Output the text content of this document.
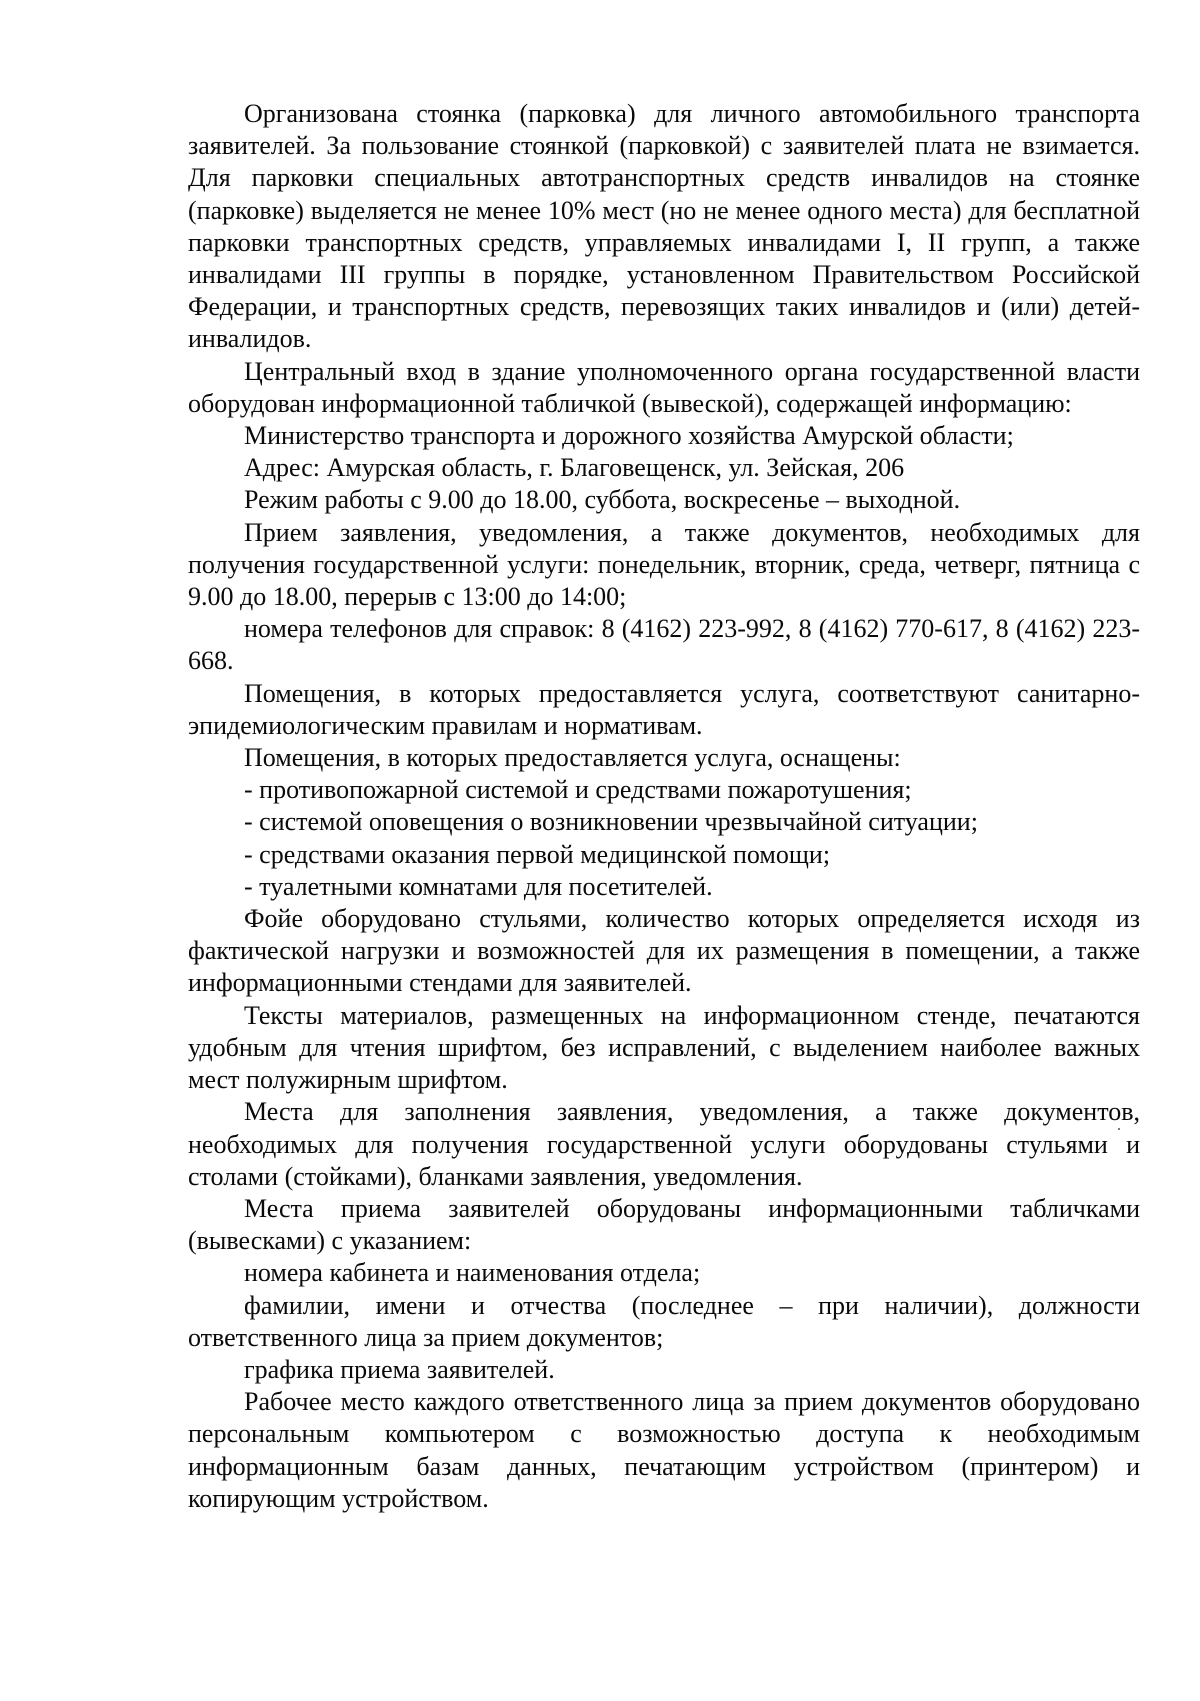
Организована стоянка (парковка) для личного автомобильного транспорта заявителей. За пользование стоянкой (парковкой) с заявителей плата не взимается. Для парковки специальных автотранспортных средств инвалидов на стоянке (парковке) выделяется не менее 10% мест (но не менее одного места) для бесплатной парковки транспортных средств, управляемых инвалидами I, II групп, а также инвалидами III группы в порядке, установленном Правительством Российской Федерации, и транспортных средств, перевозящих таких инвалидов и (или) детей-инвалидов.

Центральный вход в здание уполномоченного органа государственной власти оборудован информационной табличкой (вывеской), содержащей информацию:

Министерство транспорта и дорожного хозяйства Амурской области;

Адрес: Амурская область, г. Благовещенск, ул. Зейская, 206

Режим работы с 9.00 до 18.00, суббота, воскресенье – выходной.

Прием заявления, уведомления, а также документов, необходимых для получения государственной услуги: понедельник, вторник, среда, четверг, пятница с 9.00 до 18.00, перерыв с 13:00 до 14:00;

номера телефонов для справок: 8 (4162) 223-992, 8 (4162) 770-617, 8 (4162) 223-668.

Помещения, в которых предоставляется услуга, соответствуют санитарно-эпидемиологическим правилам и нормативам.

Помещения, в которых предоставляется услуга, оснащены:

- противопожарной системой и средствами пожаротушения;

- системой оповещения о возникновении чрезвычайной ситуации;

- средствами оказания первой медицинской помощи;

- туалетными комнатами для посетителей.

Фойе оборудовано стульями, количество которых определяется исходя из фактической нагрузки и возможностей для их размещения в помещении, а также информационными стендами для заявителей.

Тексты материалов, размещенных на информационном стенде, печатаются удобным для чтения шрифтом, без исправлений, с выделением наиболее важных мест полужирным шрифтом.

Места для заполнения заявления, уведомления, а также документов, необходимых для получения государственной услуги оборудованы стульями и столами (стойками), бланками заявления, уведомления.

Места приема заявителей оборудованы информационными табличками (вывесками) с указанием:

номера кабинета и наименования отдела;

фамилии, имени и отчества (последнее – при наличии), должности ответственного лица за прием документов;

графика приема заявителей.

Рабочее место каждого ответственного лица за прием документов оборудовано персональным компьютером с возможностью доступа к необходимым информационным базам данных, печатающим устройством (принтером) и копирующим устройством.
